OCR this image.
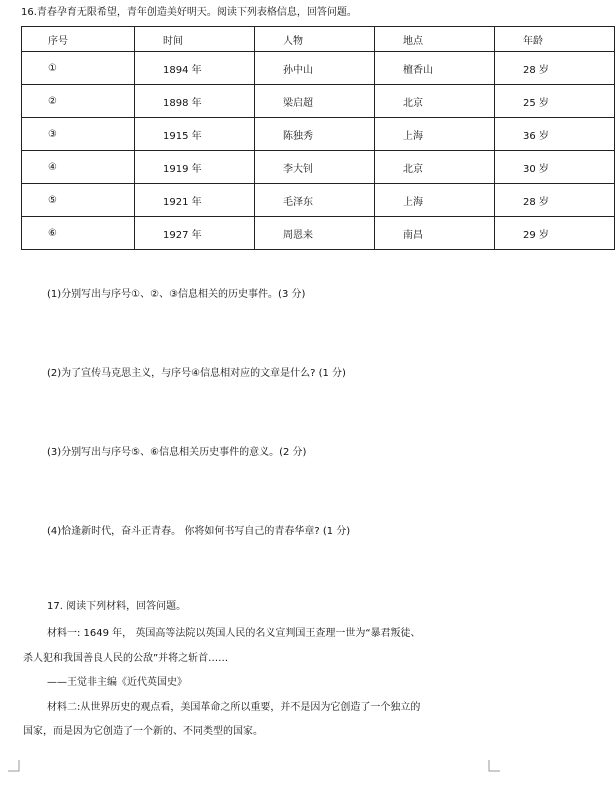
16.青春孕育无限希望，青年创造美好明天。阅读下列表格信息，回答问题。
序号	时间	人物	地点	年龄
①	1894 年	孙中山	檀香山	28 岁
②	1898 年	梁启超	北京	25 岁
③	1915 年	陈独秀	上海	36 岁
④	1919 年	李大钊	北京	30 岁
⑤	1921 年	毛泽东	上海	28 岁
⑥	1927 年	周恩来	南昌	29 岁
(1)分别写出与序号①、②、③信息相关的历史事件。(3 分)
(2)为了宣传马克思主义，与序号④信息相对应的文章是什么? (1 分)
(3)分别写出与序号⑤、⑥信息相关历史事件的意义。(2 分)
(4)恰逢新时代，奋斗正青春。 你将如何书写自己的青春华章? (1 分)
17. 阅读下列材料，回答问题。
材料一: 1649 年， 英国高等法院以英国人民的名义宣判国王查理一世为“暴君叛徒、
杀人犯和我国善良人民的公敌”并将之斩首……
——王觉非主编《近代英国史》
材料二:从世界历史的观点看，美国革命之所以重要，并不是因为它创造了一个独立的
国家，而是因为它创造了一个新的、不同类型的国家。
